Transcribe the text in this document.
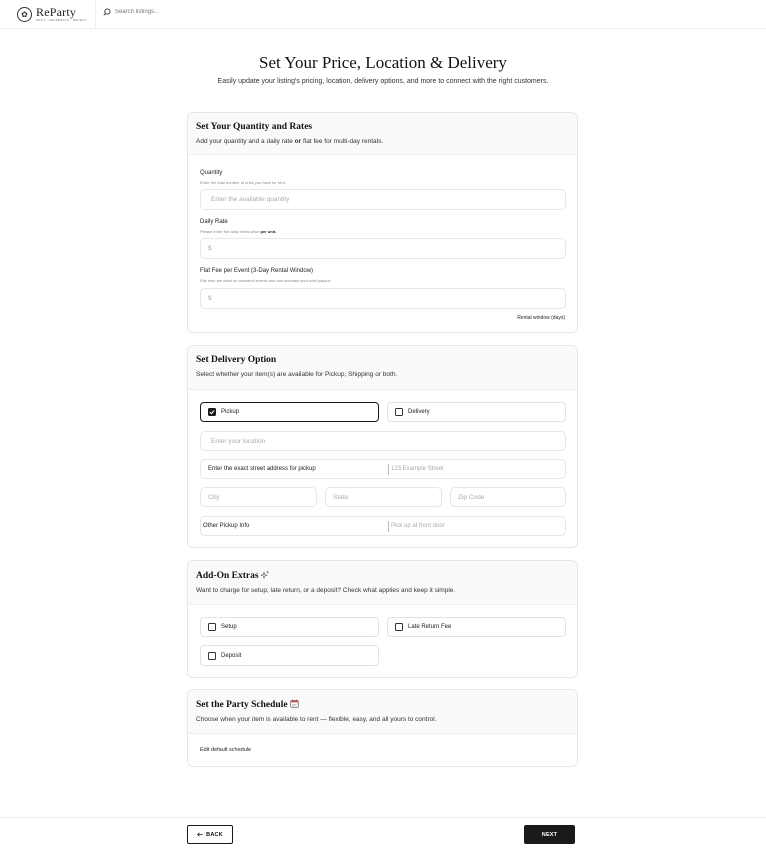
✿ ReParty
RENT · CELEBRATE · REPEAT
Search listings...
Set Your Price, Location & Delivery

Easily update your listing's pricing, location, delivery options, and more to connect with the right customers.

Set Your Quantity and Rates
Add your quantity and a daily rate or flat fee for multi-day rentals.
Quantity
Enter the total number of units you have for rent.
Enter the available quantity
Daily Rate
Please enter the daily rental price per unit.
$
Flat Fee per Event (3-Day Rental Window)
Flat fees are ideal for weekend events and can increase your total payout.
$
Rental window (days)
Set Delivery Option
Select whether your item(s) are available for Pickup, Shipping or both.
Pickup	Delivery
Enter your location
Enter the exact street address for pickup	123 Example Street
City	State	Zip Code
Other Pickup Info	Pick up at front door
Add-On Extras
Want to charge for setup, late return, or a deposit? Check what applies and keep it simple.
Setup	Late Return Fee
Deposit
Set the Party Schedule
Choose when your item is available to rent — flexible, easy, and all yours to control.
Edit default schedule
BACK	NEXT
